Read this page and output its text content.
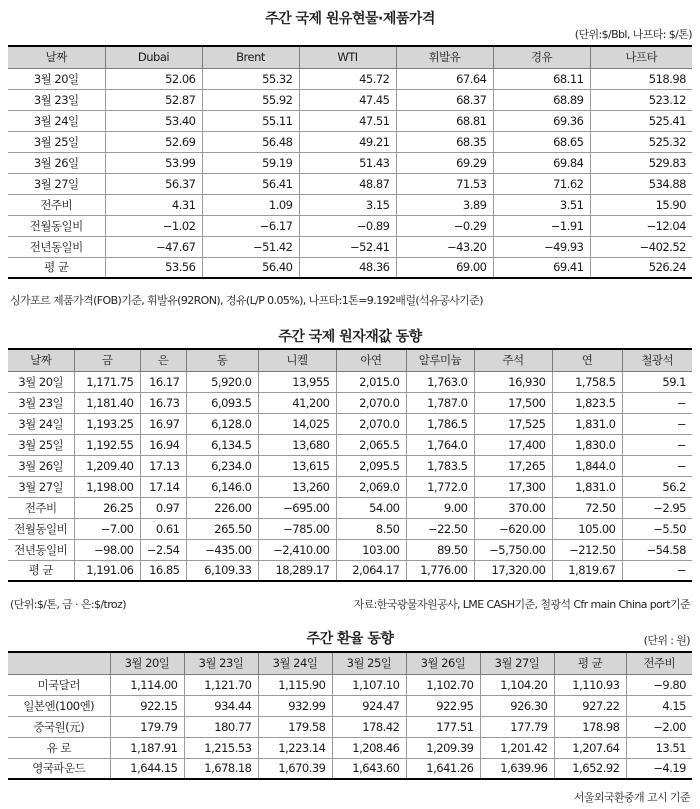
주간 국제 원유현물·제품가격
(단위:$/Bbl, 나프타: $/톤)
날짜	Dubai	Brent	WTI	휘발유	경유	나프타
3월 20일	52.06	55.32	45.72	67.64	68.11	518.98
3월 23일	52.87	55.92	47.45	68.37	68.89	523.12
3월 24일	53.40	55.11	47.51	68.81	69.36	525.41
3월 25일	52.69	56.48	49.21	68.35	68.65	525.32
3월 26일	53.99	59.19	51.43	69.29	69.84	529.83
3월 27일	56.37	56.41	48.87	71.53	71.62	534.88
전주비	4.31	1.09	3.15	3.89	3.51	15.90
전월동일비	−1.02	−6.17	−0.89	−0.29	−1.91	−12.04
전년동일비	−47.67	−51.42	−52.41	−43.20	−49.93	−402.52
평 균	53.56	56.40	48.36	69.00	69.41	526.24
싱가포르 제품가격(FOB)기준, 휘발유(92RON), 경유(L/P 0.05%), 나프타:1톤=9.192배럴(석유공사기준)
주간 국제 원자재값 동향
날짜	금	은	동	니켈	아연	알루미늄	주석	연	철광석
3월 20일	1,171.75	16.17	5,920.0	13,955	2,015.0	1,763.0	16,930	1,758.5	59.1
3월 23일	1,181.40	16.73	6,093.5	41,200	2,070.0	1,787.0	17,500	1,823.5	−
3월 24일	1,193.25	16.97	6,128.0	14,025	2,070.0	1,786.5	17,525	1,831.0	−
3월 25일	1,192.55	16.94	6,134.5	13,680	2,065.5	1,764.0	17,400	1,830.0	−
3월 26일	1,209.40	17.13	6,234.0	13,615	2,095.5	1,783.5	17,265	1,844.0	−
3월 27일	1,198.00	17.14	6,146.0	13,260	2,069.0	1,772.0	17,300	1,831.0	56.2
전주비	26.25	0.97	226.00	−695.00	54.00	9.00	370.00	72.50	−2.95
전월동일비	−7.00	0.61	265.50	−785.00	8.50	−22.50	−620.00	105.00	−5.50
전년동일비	−98.00	−2.54	−435.00	−2,410.00	103.00	89.50	−5,750.00	−212.50	−54.58
평 균	1,191.06	16.85	6,109.33	18,289.17	2,064.17	1,776.00	17,320.00	1,819.67	−
(단위:$/톤, 금 · 은:$/troz)	자료:한국광물자원공사, LME CASH기준, 철광석 Cfr main China port기준
주간 환율 동향	(단위 : 원)
	3월 20일	3월 23일	3월 24일	3월 25일	3월 26일	3월 27일	평 균	전주비
미국달러	1,114.00	1,121.70	1,115.90	1,107.10	1,102.70	1,104.20	1,110.93	−9.80
일본엔(100엔)	922.15	934.44	932.99	924.47	922.95	926.30	927.22	4.15
중국원(元)	179.79	180.77	179.58	178.42	177.51	177.79	178.98	−2.00
유 로	1,187.91	1,215.53	1,223.14	1,208.46	1,209.39	1,201.42	1,207.64	13.51
영국파운드	1,644.15	1,678.18	1,670.39	1,643.60	1,641.26	1,639.96	1,652.92	−4.19
서울외국환중개 고시 기준
